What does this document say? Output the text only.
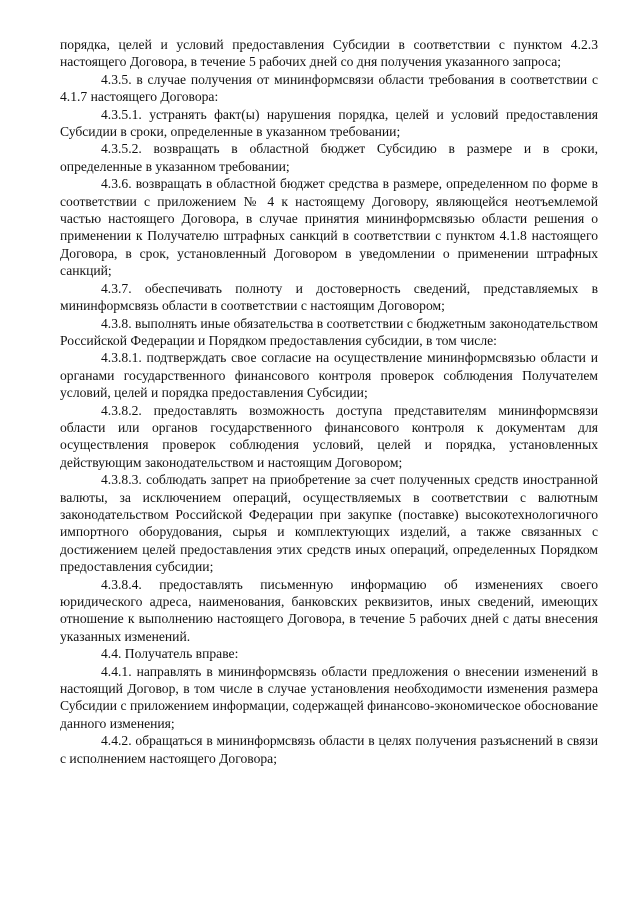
порядка, целей и условий предоставления Субсидии в соответствии с пунктом 4.2.3 настоящего Договора, в течение 5 рабочих дней со дня получения указанного запроса;

4.3.5. в случае получения от мининформсвязи области требования в соответствии с 4.1.7 настоящего Договора:

4.3.5.1. устранять факт(ы) нарушения порядка, целей и условий предоставления Субсидии в сроки, определенные в указанном требовании;

4.3.5.2. возвращать в областной бюджет Субсидию в размере и в сроки, определенные в указанном требовании;

4.3.6. возвращать в областной бюджет средства в размере, определенном по форме в соответствии с приложением № 4 к настоящему Договору, являющейся неотъемлемой частью настоящего Договора, в случае принятия мининформсвязью области решения о применении к Получателю штрафных санкций в соответствии с пунктом 4.1.8 настоящего Договора, в срок, установленный Договором в уведомлении о применении штрафных санкций;

4.3.7. обеспечивать полноту и достоверность сведений, представляемых в мининформсвязь области в соответствии с настоящим Договором;

4.3.8. выполнять иные обязательства в соответствии с бюджетным законодательством Российской Федерации и Порядком предоставления субсидии, в том числе:

4.3.8.1. подтверждать свое согласие на осуществление мининформсвязью области и органами государственного финансового контроля проверок соблюдения Получателем условий, целей и порядка предоставления Субсидии;

4.3.8.2. предоставлять возможность доступа представителям мининформсвязи области или органов государственного финансового контроля к документам для осуществления проверок соблюдения условий, целей и порядка, установленных действующим законодательством и настоящим Договором;

4.3.8.3. соблюдать запрет на приобретение за счет полученных средств иностранной валюты, за исключением операций, осуществляемых в соответствии с валютным законодательством Российской Федерации при закупке (поставке) высокотехнологичного импортного оборудования, сырья и комплектующих изделий, а также связанных с достижением целей предоставления этих средств иных операций, определенных Порядком предоставления субсидии;

4.3.8.4. предоставлять письменную информацию об изменениях своего юридического адреса, наименования, банковских реквизитов, иных сведений, имеющих отношение к выполнению настоящего Договора, в течение 5 рабочих дней с даты внесения указанных изменений.

4.4. Получатель вправе:

4.4.1. направлять в мининформсвязь области предложения о внесении изменений в настоящий Договор, в том числе в случае установления необходимости изменения размера Субсидии с приложением информации, содержащей финансово-экономическое обоснование данного изменения;

4.4.2. обращаться в мининформсвязь области в целях получения разъяснений в связи с исполнением настоящего Договора;
